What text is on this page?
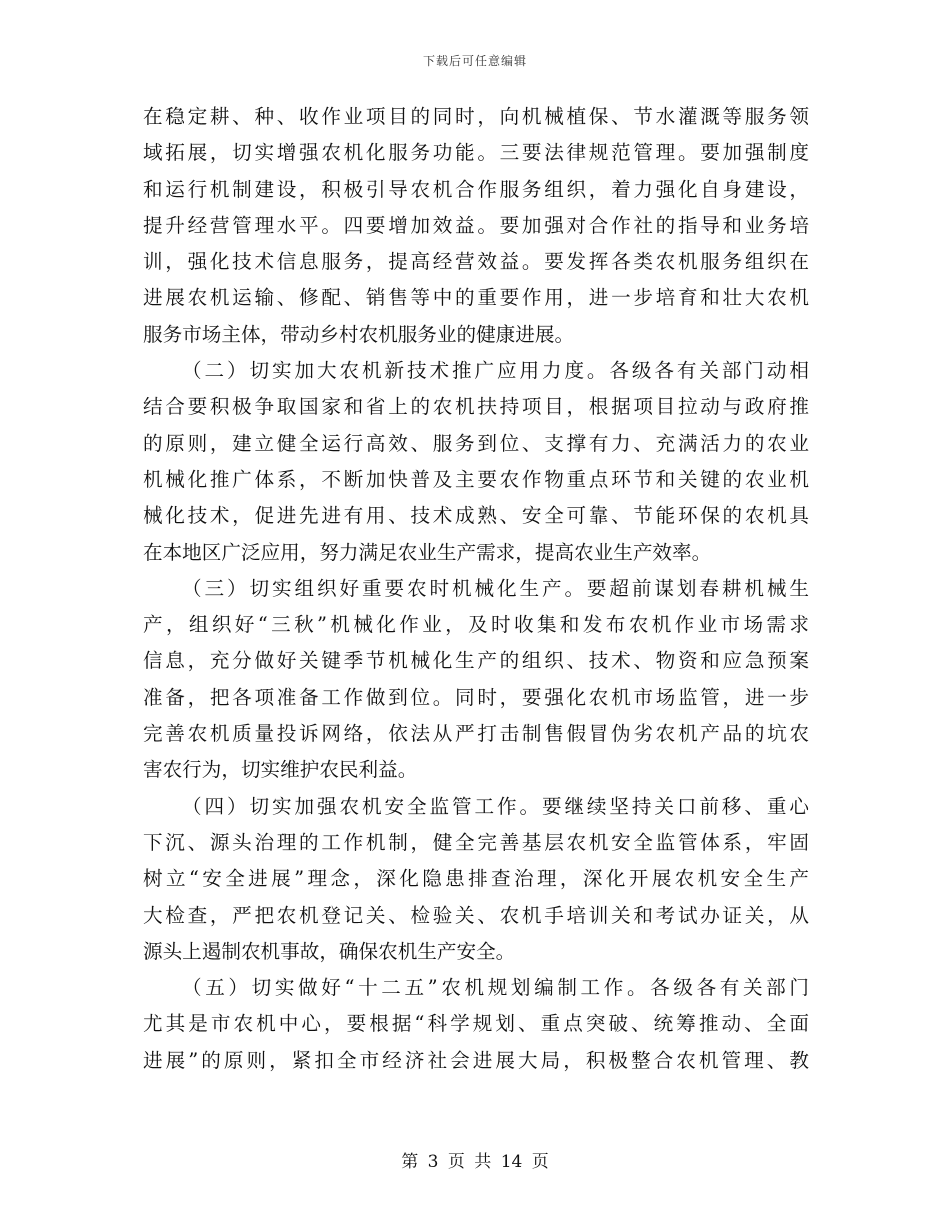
下载后可任意编辑
在稳定耕、种、收作业项目的同时，向机械植保、节水灌溉等服务领
域拓展，切实增强农机化服务功能。三要法律规范管理。要加强制度
和运行机制建设，积极引导农机合作服务组织，着力强化自身建设，
提升经营管理水平。四要增加效益。要加强对合作社的指导和业务培
训，强化技术信息服务，提高经营效益。要发挥各类农机服务组织在
进展农机运输、修配、销售等中的重要作用，进一步培育和壮大农机
服务市场主体，带动乡村农机服务业的健康进展。
（二）切实加大农机新技术推广应用力度。各级各有关部门动相
结合要积极争取国家和省上的农机扶持项目，根据项目拉动与政府推
的原则，建立健全运行高效、服务到位、支撑有力、充满活力的农业
机械化推广体系，不断加快普及主要农作物重点环节和关键的农业机
械化技术，促进先进有用、技术成熟、安全可靠、节能环保的农机具
在本地区广泛应用，努力满足农业生产需求，提高农业生产效率。
（三）切实组织好重要农时机械化生产。要超前谋划春耕机械生
产，组织好“三秋”机械化作业，及时收集和发布农机作业市场需求
信息，充分做好关键季节机械化生产的组织、技术、物资和应急预案
准备，把各项准备工作做到位。同时，要强化农机市场监管，进一步
完善农机质量投诉网络，依法从严打击制售假冒伪劣农机产品的坑农
害农行为，切实维护农民利益。
（四）切实加强农机安全监管工作。要继续坚持关口前移、重心
下沉、源头治理的工作机制，健全完善基层农机安全监管体系，牢固
树立“安全进展”理念，深化隐患排查治理，深化开展农机安全生产
大检查，严把农机登记关、检验关、农机手培训关和考试办证关，从
源头上遏制农机事故，确保农机生产安全。
（五）切实做好“十二五”农机规划编制工作。各级各有关部门
尤其是市农机中心，要根据“科学规划、重点突破、统筹推动、全面
进展”的原则，紧扣全市经济社会进展大局，积极整合农机管理、教
第 3 页 共 14 页
